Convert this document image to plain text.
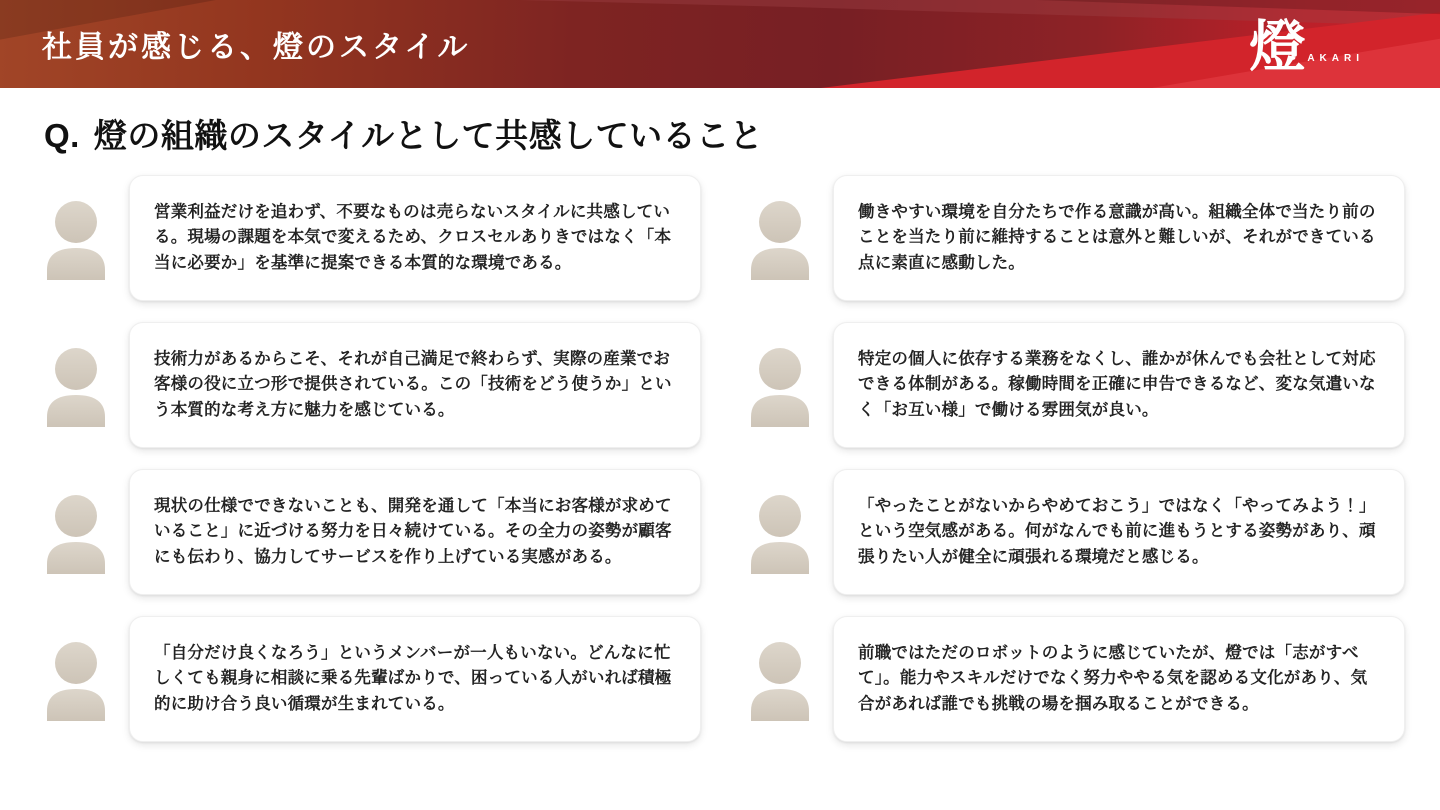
社員が感じる、燈のスタイル	燈 AKARI
Q. 燈の組織のスタイルとして共感していること

営業利益だけを追わず、不要なものは売らないスタイルに共感している。現場の課題を本気で変えるため、クロスセルありきではなく「本当に必要か」を基準に提案できる本質的な環境である。

働きやすい環境を自分たちで作る意識が高い。組織全体で当たり前のことを当たり前に維持することは意外と難しいが、それができている点に素直に感動した。

技術力があるからこそ、それが自己満足で終わらず、実際の産業でお客様の役に立つ形で提供されている。この「技術をどう使うか」という本質的な考え方に魅力を感じている。

特定の個人に依存する業務をなくし、誰かが休んでも会社として対応できる体制がある。稼働時間を正確に申告できるなど、変な気遣いなく「お互い様」で働ける雰囲気が良い。

現状の仕様でできないことも、開発を通して「本当にお客様が求めていること」に近づける努力を日々続けている。その全力の姿勢が顧客にも伝わり、協力してサービスを作り上げている実感がある。

「やったことがないからやめておこう」ではなく「やってみよう！」という空気感がある。何がなんでも前に進もうとする姿勢があり、頑張りたい人が健全に頑張れる環境だと感じる。

「自分だけ良くなろう」というメンバーが一人もいない。どんなに忙しくても親身に相談に乗る先輩ばかりで、困っている人がいれば積極的に助け合う良い循環が生まれている。

前職ではただのロボットのように感じていたが、燈では「志がすべて」。能力やスキルだけでなく努力ややる気を認める文化があり、気合があれば誰でも挑戦の場を掴み取ることができる。
